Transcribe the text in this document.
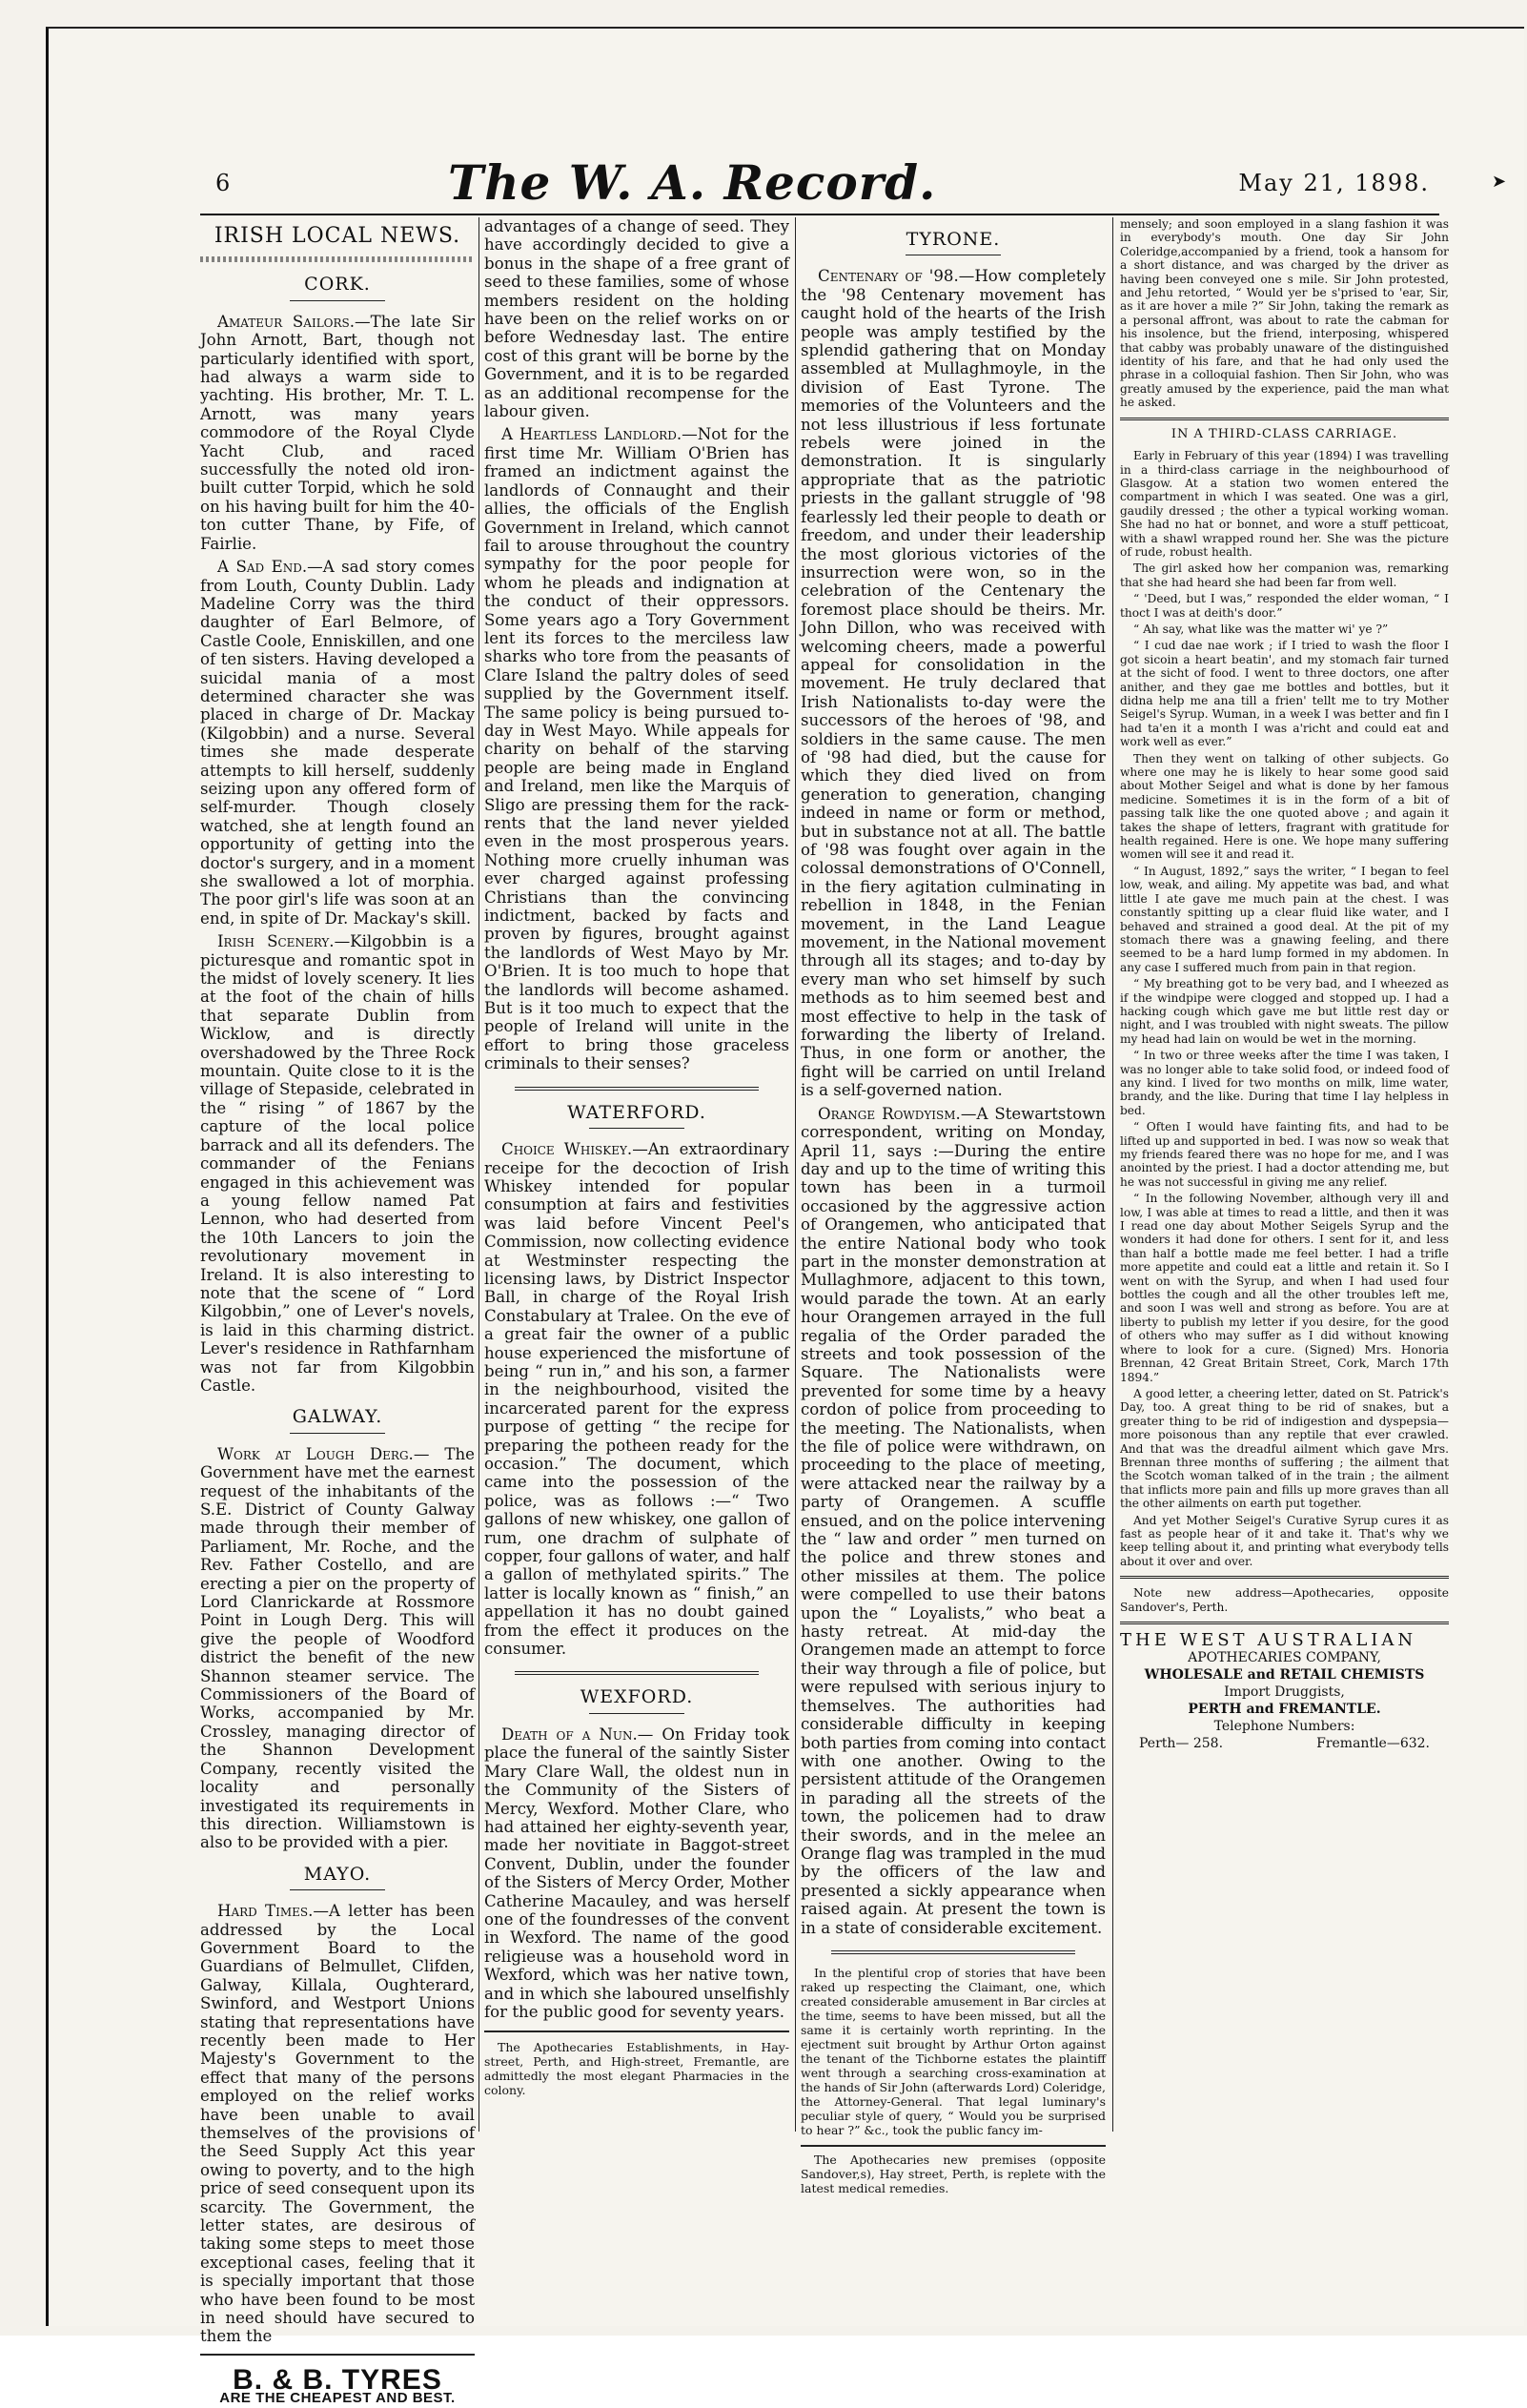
6	The W. A. Record.	May 21, 1898.	➤
IRISH LOCAL NEWS.
CORK.

Amateur Sailors.—The late Sir John Arnott, Bart, though not particularly identified with sport, had always a warm side to yachting. His brother, Mr. T. L. Arnott, was many years commodore of the Royal Clyde Yacht Club, and raced successfully the noted old iron-built cutter Torpid, which he sold on his having built for him the 40-ton cutter Thane, by Fife, of Fairlie.

A Sad End.—A sad story comes from Louth, County Dublin. Lady Madeline Corry was the third daughter of Earl Belmore, of Castle Coole, Enniskillen, and one of ten sisters. Having developed a suicidal mania of a most determined character she was placed in charge of Dr. Mackay (Kilgobbin) and a nurse. Several times she made desperate attempts to kill herself, suddenly seizing upon any offered form of self-murder. Though closely watched, she at length found an opportunity of getting into the doctor's surgery, and in a moment she swallowed a lot of morphia. The poor girl's life was soon at an end, in spite of Dr. Mackay's skill.

Irish Scenery.—Kilgobbin is a picturesque and romantic spot in the midst of lovely scenery. It lies at the foot of the chain of hills that separate Dublin from Wicklow, and is directly overshadowed by the Three Rock mountain. Quite close to it is the village of Stepaside, celebrated in the “ rising ” of 1867 by the capture of the local police barrack and all its defenders. The commander of the Fenians engaged in this achievement was a young fellow named Pat Lennon, who had deserted from the 10th Lancers to join the revolutionary movement in Ireland. It is also interesting to note that the scene of “ Lord Kilgobbin,” one of Lever's novels, is laid in this charming district. Lever's residence in Rathfarnham was not far from Kilgobbin Castle.

GALWAY.

Work at Lough Derg.— The Government have met the earnest request of the inhabitants of the S.E. District of County Galway made through their member of Parliament, Mr. Roche, and the Rev. Father Costello, and are erecting a pier on the property of Lord Clanrickarde at Rossmore Point in Lough Derg. This will give the people of Woodford district the benefit of the new Shannon steamer service. The Commissioners of the Board of Works, accompanied by Mr. Crossley, managing director of the Shannon Development Company, recently visited the locality and personally investigated its requirements in this direction. Williamstown is also to be provided with a pier.

MAYO.

Hard Times.—A letter has been addressed by the Local Government Board to the Guardians of Belmullet, Clifden, Galway, Killala, Oughterard, Swinford, and Westport Unions stating that representations have recently been made to Her Majesty's Government to the effect that many of the persons employed on the relief works have been unable to avail themselves of the provisions of the Seed Supply Act this year owing to poverty, and to the high price of seed consequent upon its scarcity. The Government, the letter states, are desirous of taking some steps to meet those exceptional cases, feeling that it is specially important that those who have been found to be most in need should have secured to them the

B. & B. TYRES
ARE THE CHEAPEST AND BEST.

advantages of a change of seed. They have accordingly decided to give a bonus in the shape of a free grant of seed to these families, some of whose members resident on the holding have been on the relief works on or before Wednesday last. The entire cost of this grant will be borne by the Government, and it is to be regarded as an additional recompense for the labour given.

A Heartless Landlord.—Not for the first time Mr. William O'Brien has framed an indictment against the landlords of Connaught and their allies, the officials of the English Government in Ireland, which cannot fail to arouse throughout the country sympathy for the poor people for whom he pleads and indignation at the conduct of their oppressors. Some years ago a Tory Government lent its forces to the merciless law sharks who tore from the peasants of Clare Island the paltry doles of seed supplied by the Government itself. The same policy is being pursued to-day in West Mayo. While appeals for charity on behalf of the starving people are being made in England and Ireland, men like the Marquis of Sligo are pressing them for the rack-rents that the land never yielded even in the most prosperous years. Nothing more cruelly inhuman was ever charged against professing Christians than the convincing indictment, backed by facts and proven by figures, brought against the landlords of West Mayo by Mr. O'Brien. It is too much to hope that the landlords will become ashamed. But is it too much to expect that the people of Ireland will unite in the effort to bring those graceless criminals to their senses?

WATERFORD.

Choice Whiskey.—An extraordinary receipe for the decoction of Irish Whiskey intended for popular consumption at fairs and festivities was laid before Vincent Peel's Commission, now collecting evidence at Westminster respecting the licensing laws, by District Inspector Ball, in charge of the Royal Irish Constabulary at Tralee. On the eve of a great fair the owner of a public house experienced the misfortune of being “ run in,” and his son, a farmer in the neighbourhood, visited the incarcerated parent for the express purpose of getting “ the recipe for preparing the potheen ready for the occasion.” The document, which came into the possession of the police, was as follows :—“ Two gallons of new whiskey, one gallon of rum, one drachm of sulphate of copper, four gallons of water, and half a gallon of methylated spirits.” The latter is locally known as “ finish,” an appellation it has no doubt gained from the effect it produces on the consumer.

WEXFORD.

Death of a Nun.— On Friday took place the funeral of the saintly Sister Mary Clare Wall, the oldest nun in the Community of the Sisters of Mercy, Wexford. Mother Clare, who had attained her eighty-seventh year, made her novitiate in Baggot-street Convent, Dublin, under the founder of the Sisters of Mercy Order, Mother Catherine Macauley, and was herself one of the foundresses of the convent in Wexford. The name of the good religieuse was a household word in Wexford, which was her native town, and in which she laboured unselfishly for the public good for seventy years.

The Apothecaries Establishments, in Hay-street, Perth, and High-street, Fremantle, are admittedly the most elegant Pharmacies in the colony.

TYRONE.

Centenary of '98.—How completely the '98 Centenary movement has caught hold of the hearts of the Irish people was amply testified by the splendid gathering that on Monday assembled at Mullaghmoyle, in the division of East Tyrone. The memories of the Volunteers and the not less illustrious if less fortunate rebels were joined in the demonstration. It is singularly appropriate that as the patriotic priests in the gallant struggle of '98 fearlessly led their people to death or freedom, and under their leadership the most glorious victories of the insurrection were won, so in the celebration of the Centenary the foremost place should be theirs. Mr. John Dillon, who was received with welcoming cheers, made a powerful appeal for consolidation in the movement. He truly declared that Irish Nationalists to-day were the successors of the heroes of '98, and soldiers in the same cause. The men of '98 had died, but the cause for which they died lived on from generation to generation, changing indeed in name or form or method, but in substance not at all. The battle of '98 was fought over again in the colossal demonstrations of O'Connell, in the fiery agitation culminating in rebellion in 1848, in the Fenian movement, in the Land League movement, in the National movement through all its stages; and to-day by every man who set himself by such methods as to him seemed best and most effective to help in the task of forwarding the liberty of Ireland. Thus, in one form or another, the fight will be carried on until Ireland is a self-governed nation.

Orange Rowdyism.—A Stewartstown correspondent, writing on Monday, April 11, says :—During the entire day and up to the time of writing this town has been in a turmoil occasioned by the aggressive action of Orangemen, who anticipated that the entire National body who took part in the monster demonstration at Mullaghmore, adjacent to this town, would parade the town. At an early hour Orangemen arrayed in the full regalia of the Order paraded the streets and took possession of the Square. The Nationalists were prevented for some time by a heavy cordon of police from proceeding to the meeting. The Nationalists, when the file of police were withdrawn, on proceeding to the place of meeting, were attacked near the railway by a party of Orangemen. A scuffle ensued, and on the police intervening the “ law and order ” men turned on the police and threw stones and other missiles at them. The police were compelled to use their batons upon the “ Loyalists,” who beat a hasty retreat. At mid-day the Orangemen made an attempt to force their way through a file of police, but were repulsed with serious injury to themselves. The authorities had considerable difficulty in keeping both parties from coming into contact with one another. Owing to the persistent attitude of the Orangemen in parading all the streets of the town, the policemen had to draw their swords, and in the melee an Orange flag was trampled in the mud by the officers of the law and presented a sickly appearance when raised again. At present the town is in a state of considerable excitement.

In the plentiful crop of stories that have been raked up respecting the Claimant, one, which created considerable amusement in Bar circles at the time, seems to have been missed, but all the same it is certainly worth reprinting. In the ejectment suit brought by Arthur Orton against the tenant of the Tichborne estates the plaintiff went through a searching cross-examination at the hands of Sir John (afterwards Lord) Coleridge, the Attorney-General. That legal luminary's peculiar style of query, “ Would you be surprised to hear ?” &c., took the public fancy im-

The Apothecaries new premises (opposite Sandover,s), Hay street, Perth, is replete with the latest medical remedies.

mensely; and soon employed in a slang fashion it was in everybody's mouth. One day Sir John Coleridge,accompanied by a friend, took a hansom for a short distance, and was charged by the driver as having been conveyed one s mile. Sir John protested, and Jehu retorted, “ Would yer be s'prised to 'ear, Sir, as it are hover a mile ?” Sir John, taking the remark as a personal affront, was about to rate the cabman for his insolence, but the friend, interposing, whispered that cabby was probably unaware of the distinguished identity of his fare, and that he had only used the phrase in a colloquial fashion. Then Sir John, who was greatly amused by the experience, paid the man what he asked.

IN A THIRD-CLASS CARRIAGE.

Early in February of this year (1894) I was travelling in a third-class carriage in the neighbourhood of Glasgow. At a station two women entered the compartment in which I was seated. One was a girl, gaudily dressed ; the other a typical working woman. She had no hat or bonnet, and wore a stuff petticoat, with a shawl wrapped round her. She was the picture of rude, robust health.

The girl asked how her companion was, remarking that she had heard she had been far from well.

“ 'Deed, but I was,” responded the elder woman, “ I thoct I was at deith's door.”

“ Ah say, what like was the matter wi' ye ?”

“ I cud dae nae work ; if I tried to wash the floor I got sicoin a heart beatin', and my stomach fair turned at the sicht of food. I went to three doctors, one after anither, and they gae me bottles and bottles, but it didna help me ana till a frien' tellt me to try Mother Seigel's Syrup. Wuman, in a week I was better and fin I had ta'en it a month I was a'richt and could eat and work well as ever.”

Then they went on talking of other subjects. Go where one may he is likely to hear some good said about Mother Seigel and what is done by her famous medicine. Sometimes it is in the form of a bit of passing talk like the one quoted above ; and again it takes the shape of letters, fragrant with gratitude for health regained. Here is one. We hope many suffering women will see it and read it.

“ In August, 1892,” says the writer, “ I began to feel low, weak, and ailing. My appetite was bad, and what little I ate gave me much pain at the chest. I was constantly spitting up a clear fluid like water, and I behaved and strained a good deal. At the pit of my stomach there was a gnawing feeling, and there seemed to be a hard lump formed in my abdomen. In any case I suffered much from pain in that region.

“ My breathing got to be very bad, and I wheezed as if the windpipe were clogged and stopped up. I had a hacking cough which gave me but little rest day or night, and I was troubled with night sweats. The pillow my head had lain on would be wet in the morning.

“ In two or three weeks after the time I was taken, I was no longer able to take solid food, or indeed food of any kind. I lived for two months on milk, lime water, brandy, and the like. During that time I lay helpless in bed.

“ Often I would have fainting fits, and had to be lifted up and supported in bed. I was now so weak that my friends feared there was no hope for me, and I was anointed by the priest. I had a doctor attending me, but he was not successful in giving me any relief.

“ In the following November, although very ill and low, I was able at times to read a little, and then it was I read one day about Mother Seigels Syrup and the wonders it had done for others. I sent for it, and less than half a bottle made me feel better. I had a trifle more appetite and could eat a little and retain it. So I went on with the Syrup, and when I had used four bottles the cough and all the other troubles left me, and soon I was well and strong as before. You are at liberty to publish my letter if you desire, for the good of others who may suffer as I did without knowing where to look for a cure. (Signed) Mrs. Honoria Brennan, 42 Great Britain Street, Cork, March 17th 1894.”

A good letter, a cheering letter, dated on St. Patrick's Day, too. A great thing to be rid of snakes, but a greater thing to be rid of indigestion and dyspepsia—more poisonous than any reptile that ever crawled. And that was the dreadful ailment which gave Mrs. Brennan three months of suffering ; the ailment that the Scotch woman talked of in the train ; the ailment that inflicts more pain and fills up more graves than all the other ailments on earth put together.

And yet Mother Seigel's Curative Syrup cures it as fast as people hear of it and take it. That's why we keep telling about it, and printing what everybody tells about it over and over.

Note new address—Apothecaries, opposite Sandover's, Perth.

THE WEST AUSTRALIAN
APOTHECARIES COMPANY,
WHOLESALE and RETAIL CHEMISTS
Import Druggists,
PERTH and FREMANTLE.
Telephone Numbers:
Perth— 258.	Fremantle—632.
